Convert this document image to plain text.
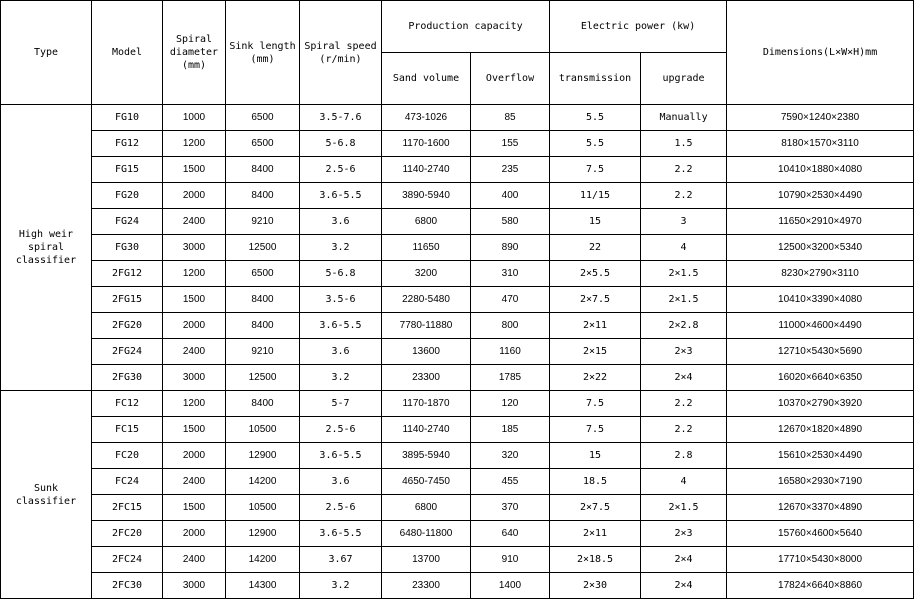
Type	Model	Spiral diameter (mm)	Sink length (mm)	Spiral speed (r/min)	Production capacity		Electric power (kw)		Dimensions(L×W×H)mm
					Sand volume	Overflow	transmission	upgrade	
High weir spiral classifier	FG10	1000	6500	3.5-7.6	473-1026	85	5.5	Manually	7590×1240×2380
	FG12	1200	6500	5-6.8	1170-1600	155	5.5	1.5	8180×1570×3110
	FG15	1500	8400	2.5-6	1140-2740	235	7.5	2.2	10410×1880×4080
	FG20	2000	8400	3.6-5.5	3890-5940	400	11/15	2.2	10790×2530×4490
	FG24	2400	9210	3.6	6800	580	15	3	11650×2910×4970
	FG30	3000	12500	3.2	11650	890	22	4	12500×3200×5340
	2FG12	1200	6500	5-6.8	3200	310	2×5.5	2×1.5	8230×2790×3110
	2FG15	1500	8400	3.5-6	2280-5480	470	2×7.5	2×1.5	10410×3390×4080
	2FG20	2000	8400	3.6-5.5	7780-11880	800	2×11	2×2.8	11000×4600×4490
	2FG24	2400	9210	3.6	13600	1160	2×15	2×3	12710×5430×5690
	2FG30	3000	12500	3.2	23300	1785	2×22	2×4	16020×6640×6350
Sunk classifier	FC12	1200	8400	5-7	1170-1870	120	7.5	2.2	10370×2790×3920
	FC15	1500	10500	2.5-6	1140-2740	185	7.5	2.2	12670×1820×4890
	FC20	2000	12900	3.6-5.5	3895-5940	320	15	2.8	15610×2530×4490
	FC24	2400	14200	3.6	4650-7450	455	18.5	4	16580×2930×7190
	2FC15	1500	10500	2.5-6	6800	370	2×7.5	2×1.5	12670×3370×4890
	2FC20	2000	12900	3.6-5.5	6480-11800	640	2×11	2×3	15760×4600×5640
	2FC24	2400	14200	3.67	13700	910	2×18.5	2×4	17710×5430×8000
	2FC30	3000	14300	3.2	23300	1400	2×30	2×4	17824×6640×8860
